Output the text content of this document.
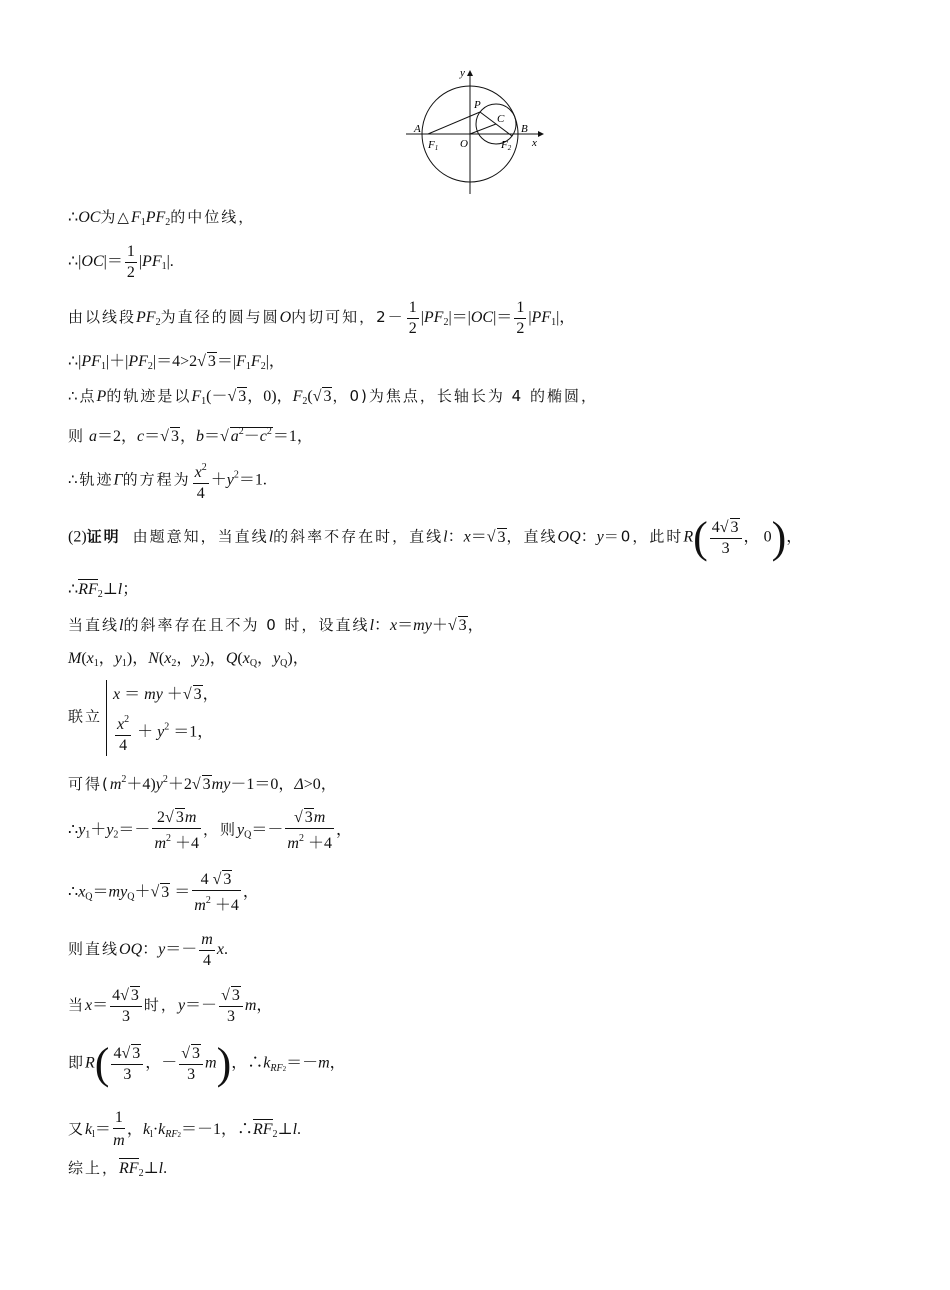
y
x
O
A	B
P
C
F1	F2
∴OC为$\triangle F_1PF_2$的中位线，
∴|OC|＝ $\frac{1}{2} |PF_1|$.
由以线段$PF_2$为直径的圆与圆O内切可知，$2- \frac{1}{2} |PF_2|=|OC|= \frac{1}{2} |PF_1|$，
$\therefore|PF_1|+|PF_2|=4>2√$ $3=|F_1F_2|$，
∴点P的轨迹是以$F_1(-√$ 3，0)，$F_2(√$ 3，0)为焦点，长轴长为 4 的椭圆，
则 a＝2，c＝√ 3，b＝√ $a^2-c^2=1$，
∴轨迹Γ的方程为 $\frac{x^2}{4} +y^2=1$.
(2)证明 由题意知，当直线l的斜率不存在时，直线l：x＝√ 3，直线OQ：y＝0，此时$R( \frac{4√ 3}{3}$ ， 0)，
$\therefore RF_2\perp l$；
当直线l的斜率存在且不为 0 时，设直线l：x＝my＋√ 3，
$M(x_1$，$y_1$)，$N(x_2$，$y_2$)，$Q(x_Q$，$y_Q$)，
联立
x ＝ my ＋√ 3，
$\frac{x^2}{4} + y^2 =1$，
可得$(m^2+4)y^2+2√$ 3my－1＝0，Δ>0，
$\therefore y_1+y_2=- \frac{2√ 3m}{m^2 +4}$ ，则$y_Q=- \frac{√ 3m}{m^2 +4}$ ，
$\therefore x_Q=my_Q+√$ $3 = \frac{4 √ 3}{m^2 +4}$ ，
则直线OQ：$y=- \frac{m}{4} x$.
当$x= \frac{4√ 3}{3}$ 时，$y=- \frac{√ 3}{3}$ m，
即$R( \frac{4√ 3}{3}$ ，－ $\frac{√ 3}{3} m$)，$\therefore k_{RF2}=-m$，
又$k_l= \frac{1}{m}$ ，$k_l\cdot k_{RF2}=-1$，$\therefore RF_2\perp l$.
综上，$RF_2\perp l$.
